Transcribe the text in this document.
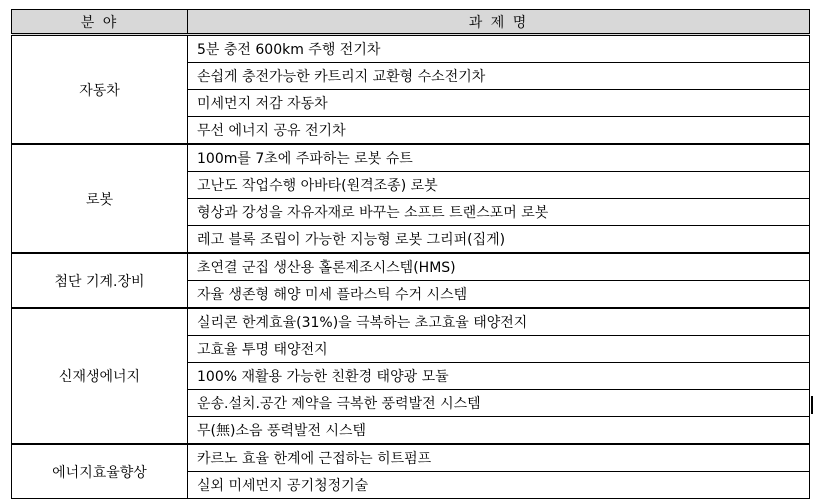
분 야	과 제 명
자동차	5분 충전 600km 주행 전기차
	손쉽게 충전가능한 카트리지 교환형 수소전기차
	미세먼지 저감 자동차
	무선 에너지 공유 전기차
로봇	100m를 7초에 주파하는 로봇 슈트
	고난도 작업수행 아바타(원격조종) 로봇
	형상과 강성을 자유자재로 바꾸는 소프트 트랜스포머 로봇
	레고 블록 조립이 가능한 지능형 로봇 그리퍼(집게)
첨단 기계.장비	초연결 군집 생산용 홀론제조시스템(HMS)
	자율 생존형 해양 미세 플라스틱 수거 시스템
신재생에너지	실리콘 한계효율(31%)을 극복하는 초고효율 태양전지
	고효율 투명 태양전지
	100% 재활용 가능한 친환경 태양광 모듈
	운송.설치.공간 제약을 극복한 풍력발전 시스템
	무(無)소음 풍력발전 시스템
에너지효율향상	카르노 효율 한계에 근접하는 히트펌프
	실외 미세먼지 공기청정기술
